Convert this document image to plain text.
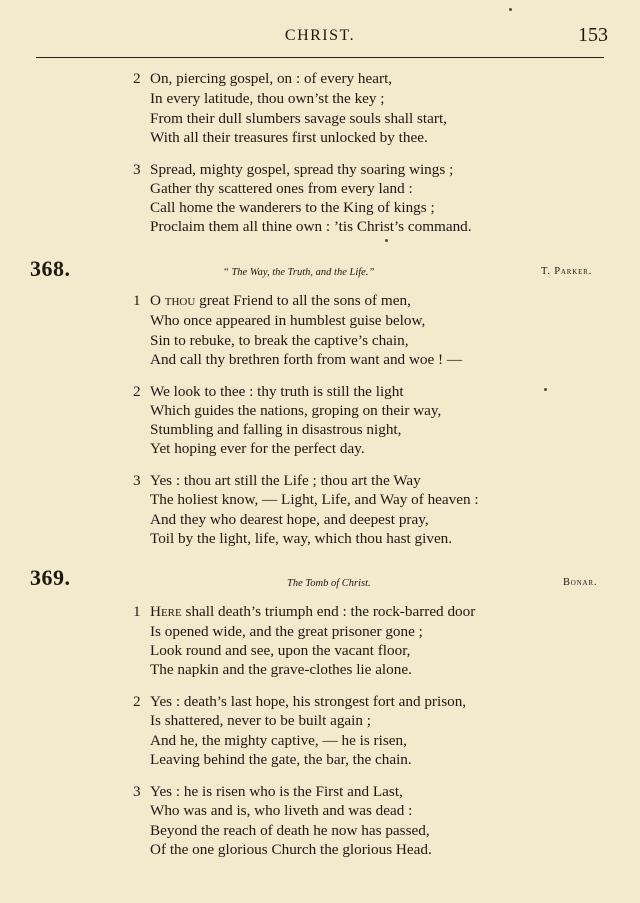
CHRIST.	153
2 On, piercing gospel, on : of every heart,
In every latitude, thou own’st the key ;
From their dull slumbers savage souls shall start,
With all their treasures first unlocked by thee.
3 Spread, mighty gospel, spread thy soaring wings ;
Gather thy scattered ones from every land :
Call home the wanderers to the King of kings ;
Proclaim them all thine own : ’tis Christ’s command.
368.	“ The Way, the Truth, and the Life.”	T. Parker.
1 O thou great Friend to all the sons of men,
Who once appeared in humblest guise below,
Sin to rebuke, to break the captive’s chain,
And call thy brethren forth from want and woe ! —
2 We look to thee : thy truth is still the light
Which guides the nations, groping on their way,
Stumbling and falling in disastrous night,
Yet hoping ever for the perfect day.
3 Yes : thou art still the Life ; thou art the Way
The holiest know, — Light, Life, and Way of heaven :
And they who dearest hope, and deepest pray,
Toil by the light, life, way, which thou hast given.
369.	The Tomb of Christ.	Bonar.
1 Here shall death’s triumph end : the rock-barred door
Is opened wide, and the great prisoner gone ;
Look round and see, upon the vacant floor,
The napkin and the grave-clothes lie alone.
2 Yes : death’s last hope, his strongest fort and prison,
Is shattered, never to be built again ;
And he, the mighty captive, — he is risen,
Leaving behind the gate, the bar, the chain.
3 Yes : he is risen who is the First and Last,
Who was and is, who liveth and was dead :
Beyond the reach of death he now has passed,
Of the one glorious Church the glorious Head.
